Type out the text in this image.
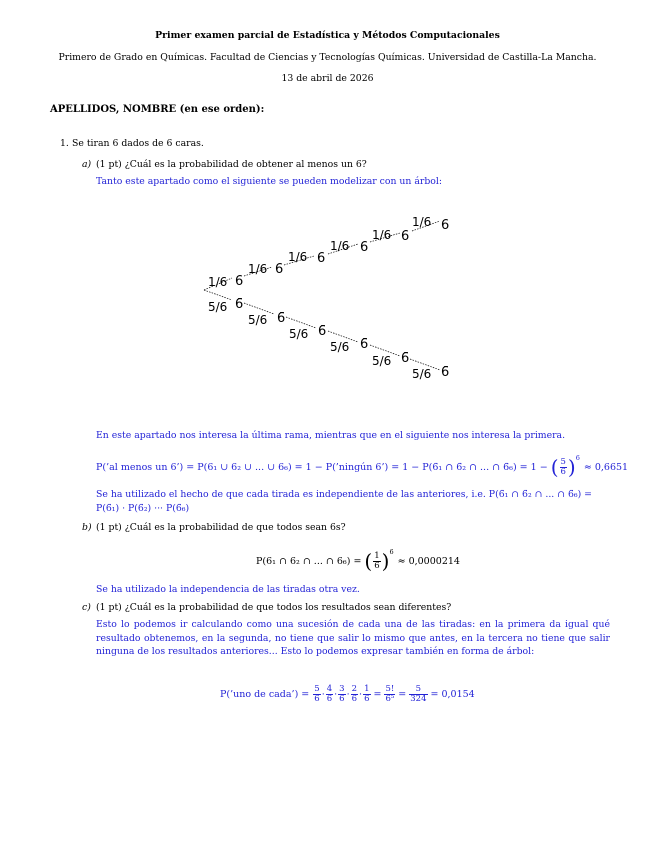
Primer examen parcial de Estadística y Métodos Computacionales
Primero de Grado en Químicas. Facultad de Ciencias y Tecnologías Químicas. Universidad de Castilla-La Mancha.
13 de abril de 2026
APELLIDOS, NOMBRE (en ese orden):
1. Se tiran 6 dados de 6 caras.
a) (1 pt) ¿Cuál es la probabilidad de obtener al menos un 6?
Tanto este apartado como el siguiente se pueden modelizar con un árbol:
1/6 6
1/6 6
1/6 6
1/6 6
1/6 6
1/6 6
5/6 6̄
5/6 6̄
5/6 6̄
5/6 6̄
5/6 6̄
5/6 6̄
En este apartado nos interesa la última rama, mientras que en el siguiente nos interesa la primera.
P(’al menos un 6’) = P(6₁ ∪ 6₂ ∪ ... ∪ 6₆) = 1 − P(’ningún 6’) = 1 − P(6̄₁ ∩ 6̄₂ ∩ ... ∩ 6̄₆) = 1 − ( $\frac{5}{6} )^6$
≈ 0,6651
Se ha utilizado el hecho de que cada tirada es independiente de las anteriores, i.e. P(6̄₁ ∩ 6̄₂ ∩ ... ∩ 6̄₆) =
P(6̄₁) · P(6̄₂) ··· P(6̄₆)
b) (1 pt) ¿Cuál es la probabilidad de que todos sean 6s?
P(6₁ ∩ 6₂ ∩ ... ∩ 6₆) = ( $\frac{1}{6} )^6$
≈ 0,0000214
Se ha utilizado la independencia de las tiradas otra vez.
c) (1 pt) ¿Cuál es la probabilidad de que todos los resultados sean diferentes?
Esto lo podemos ir calculando como una sucesión de cada una de las tiradas: en la primera da igual qué resultado obtenemos, en la segunda, no tiene que salir lo mismo que antes, en la tercera no tiene que salir ninguna de los resultados anteriores... Esto lo podemos expresar también en forma de árbol:
P(’uno de cada’) = $\frac{5}{6} \cdot \frac{4}{6} \cdot \frac{3}{6} \cdot \frac{2}{6} \cdot \frac{1}{6} = \frac{5!}{\text{6⁵}} = \frac{5}{324} = 0,0154$
